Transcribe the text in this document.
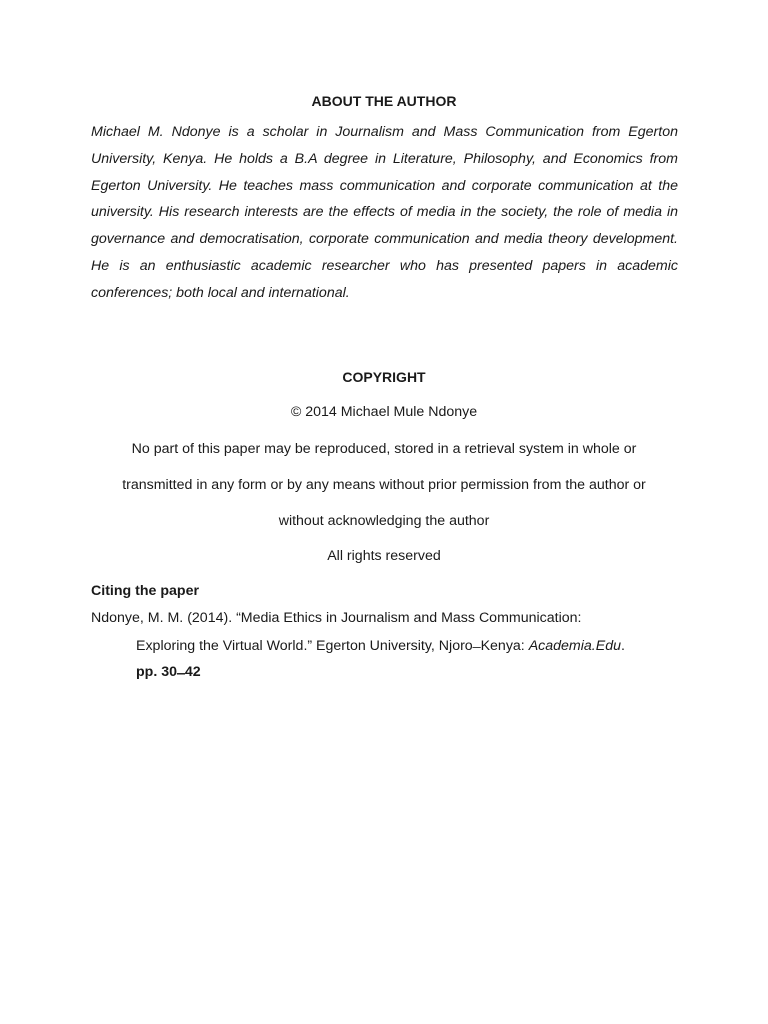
ABOUT THE AUTHOR
Michael M. Ndonye is a scholar in Journalism and Mass Communication from Egerton University, Kenya. He holds a B.A degree in Literature, Philosophy, and Economics from Egerton University. He teaches mass communication and corporate communication at the university. His research interests are the effects of media in the society, the role of media in governance and democratisation, corporate communication and media theory development. He is an enthusiastic academic researcher who has presented papers in academic conferences; both local and international.
COPYRIGHT
© 2014 Michael Mule Ndonye
No part of this paper may be reproduced, stored in a retrieval system in whole or
transmitted in any form or by any means without prior permission from the author or
without acknowledging the author
All rights reserved
Citing the paper
Ndonye, M. M. (2014). “Media Ethics in Journalism and Mass Communication:
Exploring the Virtual World.” Egerton University, Njoro ̶ Kenya: Academia.Edu.
pp. 30 ̶ 42
